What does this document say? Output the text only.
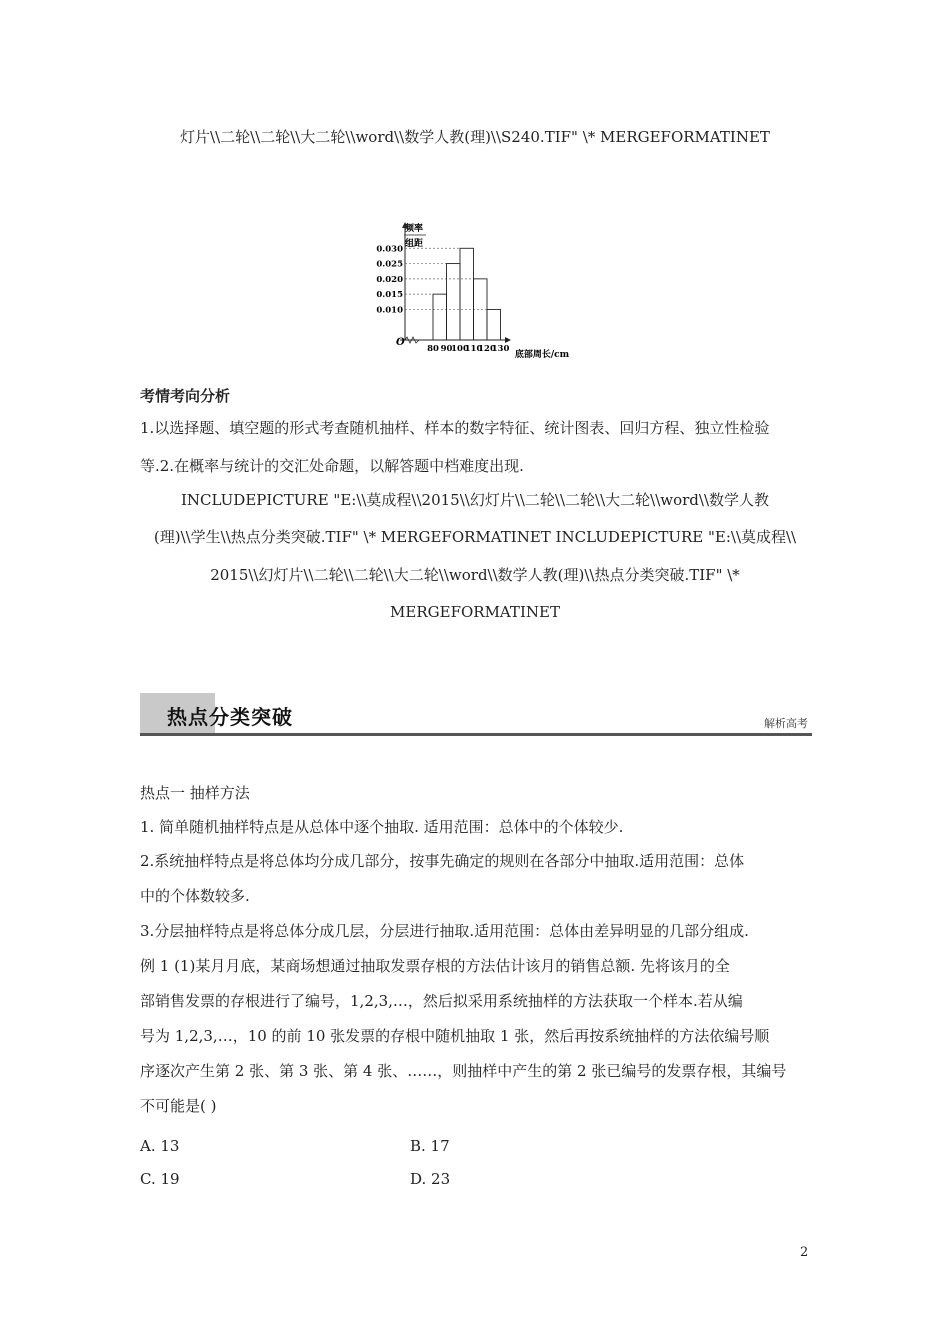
灯片\\二轮\\二轮\\大二轮\\word\\数学人教(理)\\S240.TIF" \* MERGEFORMATINET
频率
组距
O
0.030
0.025
0.020
0.015
0.010
80 90
100
110
120
130
底部周长/cm
考情考向分析
1.以选择题、填空题的形式考查随机抽样、样本的数字特征、统计图表、回归方程、独立性检验
等.2.在概率与统计的交汇处命题，以解答题中档难度出现.
INCLUDEPICTURE "E:\\莫成程\\2015\\幻灯片\\二轮\\二轮\\大二轮\\word\\数学人教
(理)\\学生\\热点分类突破.TIF" \* MERGEFORMATINET INCLUDEPICTURE "E:\\莫成程\\
2015\\幻灯片\\二轮\\二轮\\大二轮\\word\\数学人教(理)\\热点分类突破.TIF" \*
MERGEFORMATINET
热点分类突破	解析高考
热点一 抽样方法
1. 简单随机抽样特点是从总体中逐个抽取. 适用范围：总体中的个体较少.
2.系统抽样特点是将总体均分成几部分，按事先确定的规则在各部分中抽取.适用范围：总体
中的个体数较多.
3.分层抽样特点是将总体分成几层，分层进行抽取.适用范围：总体由差异明显的几部分组成.
例 1 (1)某月月底，某商场想通过抽取发票存根的方法估计该月的销售总额. 先将该月的全
部销售发票的存根进行了编号，1,2,3,…，然后拟采用系统抽样的方法获取一个样本.若从编
号为 1,2,3,…，10 的前 10 张发票的存根中随机抽取 1 张，然后再按系统抽样的方法依编号顺
序逐次产生第 2 张、第 3 张、第 4 张、……，则抽样中产生的第 2 张已编号的发票存根，其编号
不可能是( )
A. 13	B. 17
C. 19	D. 23
2
